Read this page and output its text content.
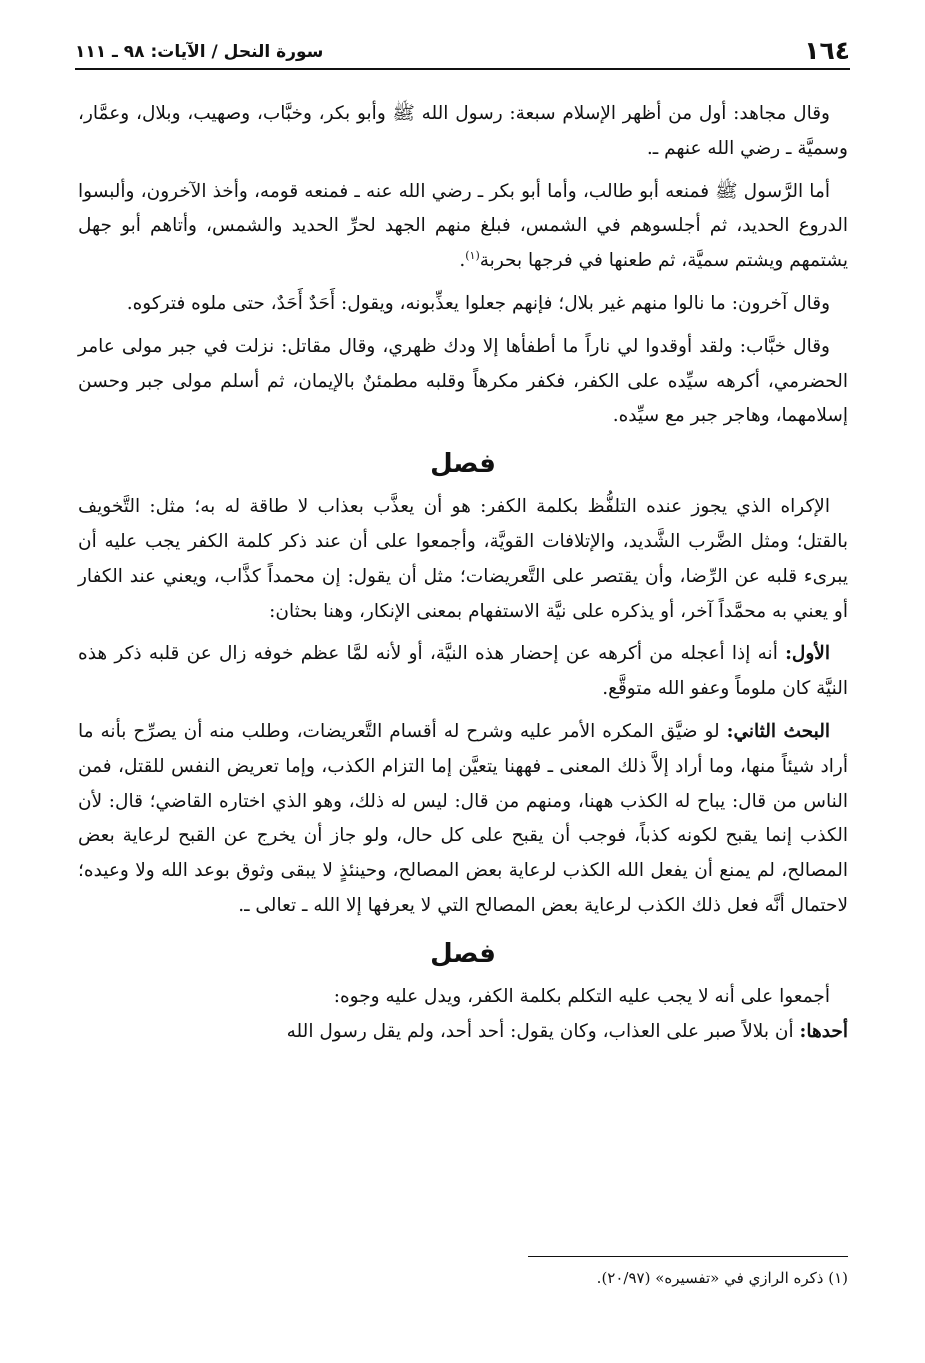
١٦٤
سورة النحل / الآيات: ٩٨ ـ ١١١

وقال مجاهد: أول من أظهر الإسلام سبعة: رسول الله ﷺ وأبو بكر، وخبَّاب، وصهيب، وبلال، وعمَّار، وسميَّة ـ رضي الله عنهم ـ.

أما الرَّسول ﷺ فمنعه أبو طالب، وأما أبو بكر ـ رضي الله عنه ـ فمنعه قومه، وأخذ الآخرون، وألبسوا الدروع الحديد، ثم أجلسوهم في الشمس، فبلغ منهم الجهد لحرِّ الحديد والشمس، وأتاهم أبو جهل يشتمهم ويشتم سميَّة، ثم طعنها في فرجها بحربة$^{(١)}$.

وقال آخرون: ما نالوا منهم غير بلال؛ فإنهم جعلوا يعذِّبونه، ويقول: أَحَدٌ أَحَدٌ، حتى ملوه فتركوه.

وقال خبَّاب: ولقد أوقدوا لي ناراً ما أطفأها إلا ودك ظهري، وقال مقاتل: نزلت في جبر مولى عامر الحضرمي، أكرهه سيِّده على الكفر، فكفر مكرهاً وقلبه مطمئنٌ بالإيمان، ثم أسلم مولى جبر وحسن إسلامهما، وهاجر جبر مع سيِّده.

فصل

الإكراه الذي يجوز عنده التلفُّظ بكلمة الكفر: هو أن يعذَّب بعذاب لا طاقة له به؛ مثل: التَّخويف بالقتل؛ ومثل الضَّرب الشَّديد، والإتلافات القويَّة، وأجمعوا على أن عند ذكر كلمة الكفر يجب عليه أن يبرىء قلبه عن الرِّضا، وأن يقتصر على التَّعريضات؛ مثل أن يقول: إن محمداً كذَّاب، ويعني عند الكفار أو يعني به محمَّداً آخر، أو يذكره على نيَّة الاستفهام بمعنى الإنكار، وهنا بحثان:

الأول: أنه إذا أعجله من أكرهه عن إحضار هذه النيَّة، أو لأنه لمَّا عظم خوفه زال عن قلبه ذكر هذه النيَّة كان ملوماً وعفو الله متوقَّع.

البحث الثاني: لو ضيَّق المكره الأمر عليه وشرح له أقسام التَّعريضات، وطلب منه أن يصرِّح بأنه ما أراد شيئاً منها، وما أراد إلاَّ ذلك المعنى ـ فههنا يتعيَّن إما التزام الكذب، وإما تعريض النفس للقتل، فمن الناس من قال: يباح له الكذب ههنا، ومنهم من قال: ليس له ذلك، وهو الذي اختاره القاضي؛ قال: لأن الكذب إنما يقبح لكونه كذباً، فوجب أن يقبح على كل حال، ولو جاز أن يخرج عن القبح لرعاية بعض المصالح، لم يمنع أن يفعل الله الكذب لرعاية بعض المصالح، وحينئذٍ لا يبقى وثوق بوعد الله ولا وعيده؛ لاحتمال أنَّه فعل ذلك الكذب لرعاية بعض المصالح التي لا يعرفها إلا الله ـ تعالى ـ.

فصل

أجمعوا على أنه لا يجب عليه التكلم بكلمة الكفر، ويدل عليه وجوه:

أحدها: أن بلالاً صبر على العذاب، وكان يقول: أحد أحد، ولم يقل رسول الله

(١) ذكره الرازي في «تفسيره» (٢٠/٩٧).
